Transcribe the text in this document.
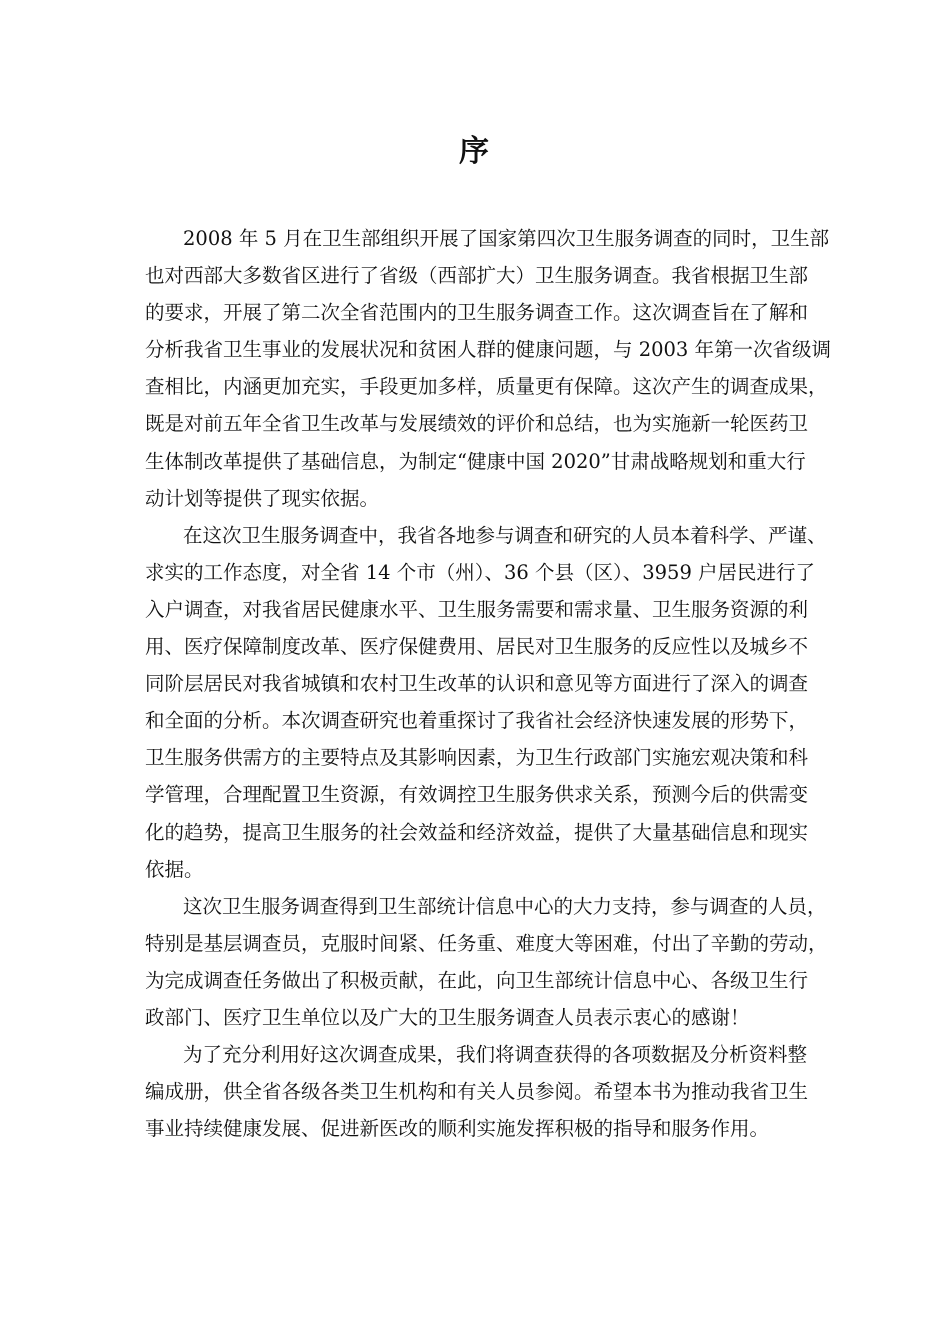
序
2008 年 5 月在卫生部组织开展了国家第四次卫生服务调查的同时，卫生部
也对西部大多数省区进行了省级（西部扩大）卫生服务调查。我省根据卫生部
的要求，开展了第二次全省范围内的卫生服务调查工作。这次调查旨在了解和
分析我省卫生事业的发展状况和贫困人群的健康问题，与 2003 年第一次省级调
查相比，内涵更加充实，手段更加多样，质量更有保障。这次产生的调查成果，
既是对前五年全省卫生改革与发展绩效的评价和总结，也为实施新一轮医药卫
生体制改革提供了基础信息，为制定“健康中国 2020”甘肃战略规划和重大行
动计划等提供了现实依据。
在这次卫生服务调查中，我省各地参与调查和研究的人员本着科学、严谨、
求实的工作态度，对全省 14 个市（州）、36 个县（区）、3959 户居民进行了
入户调查，对我省居民健康水平、卫生服务需要和需求量、卫生服务资源的利
用、医疗保障制度改革、医疗保健费用、居民对卫生服务的反应性以及城乡不
同阶层居民对我省城镇和农村卫生改革的认识和意见等方面进行了深入的调查
和全面的分析。本次调查研究也着重探讨了我省社会经济快速发展的形势下，
卫生服务供需方的主要特点及其影响因素，为卫生行政部门实施宏观决策和科
学管理，合理配置卫生资源，有效调控卫生服务供求关系，预测今后的供需变
化的趋势，提高卫生服务的社会效益和经济效益，提供了大量基础信息和现实
依据。
这次卫生服务调查得到卫生部统计信息中心的大力支持，参与调查的人员，
特别是基层调查员，克服时间紧、任务重、难度大等困难，付出了辛勤的劳动，
为完成调查任务做出了积极贡献，在此，向卫生部统计信息中心、各级卫生行
政部门、医疗卫生单位以及广大的卫生服务调查人员表示衷心的感谢！
为了充分利用好这次调查成果，我们将调查获得的各项数据及分析资料整
编成册，供全省各级各类卫生机构和有关人员参阅。希望本书为推动我省卫生
事业持续健康发展、促进新医改的顺利实施发挥积极的指导和服务作用。
